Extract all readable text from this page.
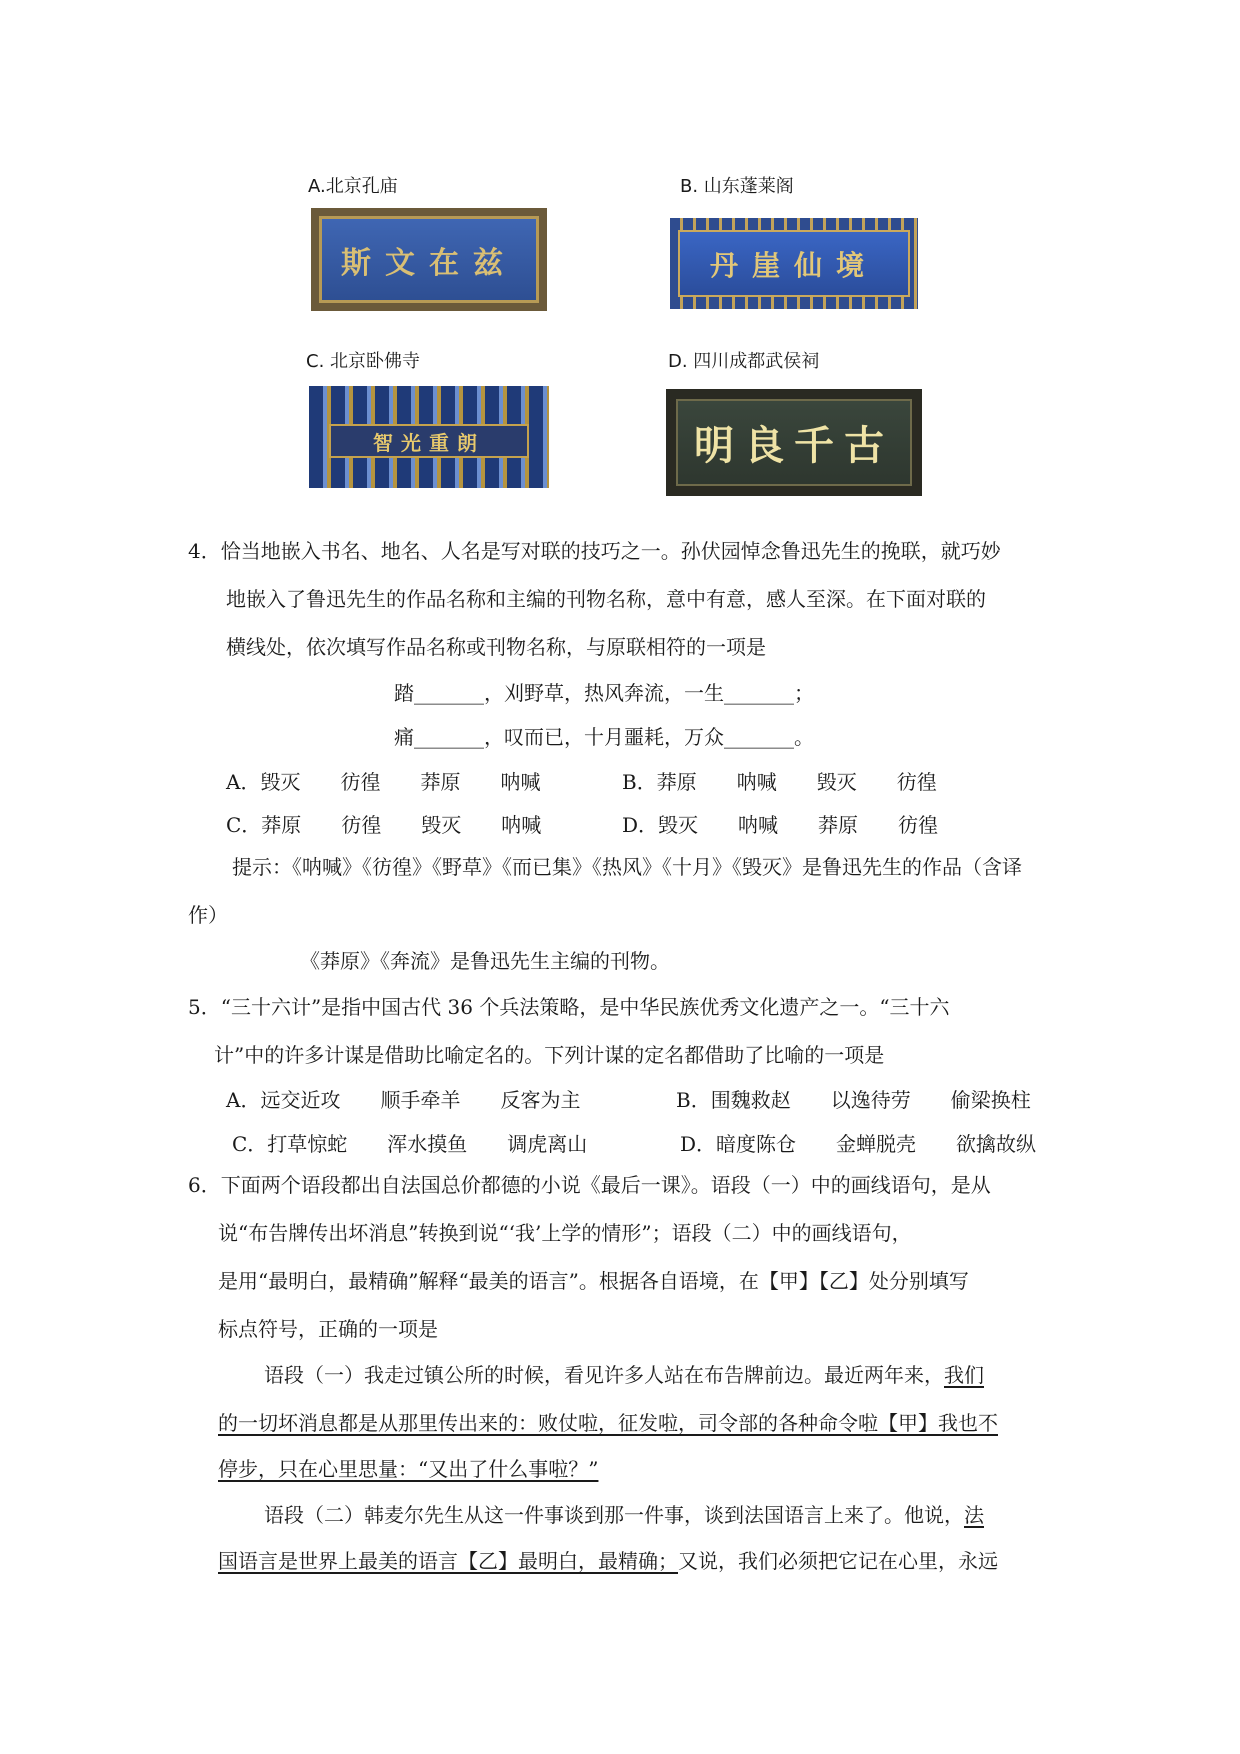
A.北京孔庙	B. 山东蓬莱阁
C. 北京卧佛寺	D. 四川成都武侯祠
斯文在兹	丹崖仙境
智光重朗	明良千古
4．恰当地嵌入书名、地名、人名是写对联的技巧之一。孙伏园悼念鲁迅先生的挽联，就巧妙
地嵌入了鲁迅先生的作品名称和主编的刊物名称，意中有意，感人至深。在下面对联的
横线处，依次填写作品名称或刊物名称，与原联相符的一项是
踏_______，刈野草，热风奔流，一生_______；
痛_______，叹而已，十月噩耗，万众_______。
A．毁灭　　彷徨　　莽原　　呐喊	B．莽原　　呐喊　　毁灭　　彷徨
C．莽原　　彷徨　　毁灭　　呐喊	D．毁灭　　呐喊　　莽原　　彷徨
提示：《呐喊》《彷徨》《野草》《而已集》《热风》《十月》《毁灭》是鲁迅先生的作品（含译
作）
《莽原》《奔流》是鲁迅先生主编的刊物。
5．“三十六计”是指中国古代 36 个兵法策略，是中华民族优秀文化遗产之一。“三十六
计”中的许多计谋是借助比喻定名的。下列计谋的定名都借助了比喻的一项是
A．远交近攻　　顺手牵羊　　反客为主	B．围魏救赵　　以逸待劳　　偷梁换柱
C．打草惊蛇　　浑水摸鱼　　调虎离山	D．暗度陈仓　　金蝉脱壳　　欲擒故纵
6．下面两个语段都出自法国总价都德的小说《最后一课》。语段（一）中的画线语句，是从
说“布告牌传出坏消息”转换到说“‘我’上学的情形”；语段（二）中的画线语句，
是用“最明白，最精确”解释“最美的语言”。根据各自语境，在【甲】【乙】处分别填写
标点符号，正确的一项是
语段（一）我走过镇公所的时候，看见许多人站在布告牌前边。最近两年来，我们
的一切坏消息都是从那里传出来的：败仗啦，征发啦，司令部的各种命令啦【甲】我也不
停步，只在心里思量：“又出了什么事啦？”
语段（二）韩麦尔先生从这一件事谈到那一件事，谈到法国语言上来了。他说，法
国语言是世界上最美的语言【乙】最明白，最精确；又说，我们必须把它记在心里，永远
